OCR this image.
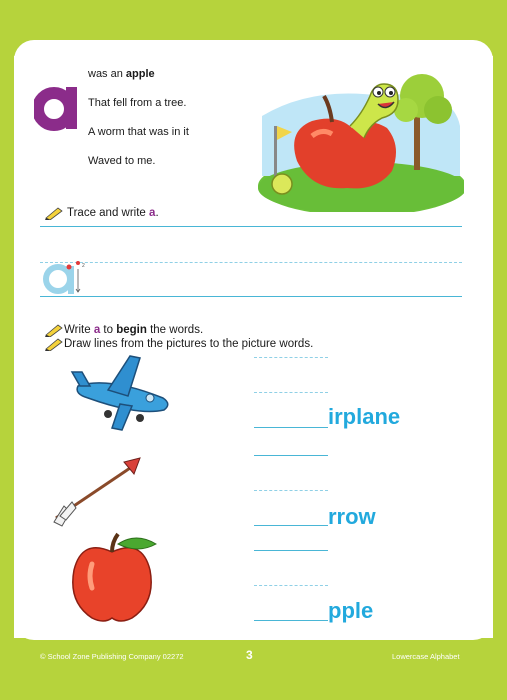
was an apple

That fell from a tree.

A worm that was in it

Waved to me.

Trace and write a.
2
Write a to begin the words.
Draw lines from the pictures to the picture words.
irplane
rrow
pple
© School Zone Publishing Company 02272	3	Lowercase Alphabet
